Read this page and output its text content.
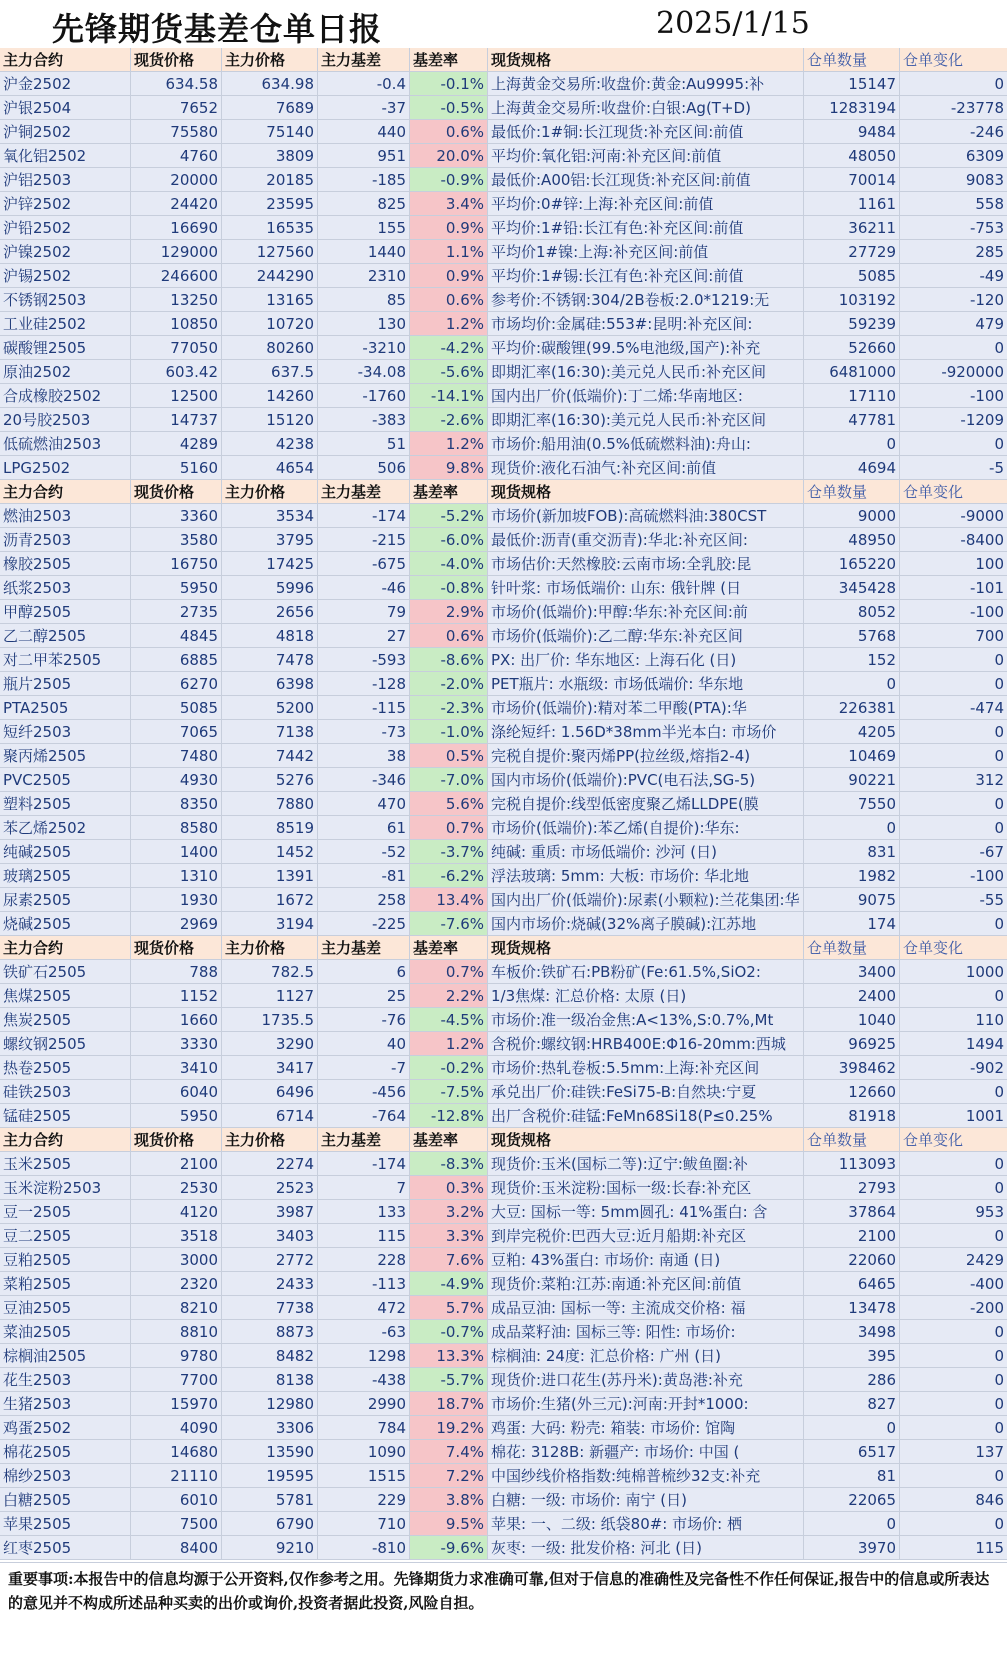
先锋期货基差仓单日报	2025/1/15
主力合约	现货价格	主力价格	主力基差	基差率	现货规格	仓单数量	仓单变化
沪金2502	634.58	634.98	-0.4	-0.1% 上海黄金交易所:收盘价:黄金:Au9995:补	15147	0
沪银2504	7652	7689	-37	-0.5% 上海黄金交易所:收盘价:白银:Ag(T+D)	1283194	-23778
沪铜2502	75580	75140	440	0.6% 最低价:1#铜:长江现货:补充区间:前值	9484	-246
氧化铝2502	4760	3809	951	20.0% 平均价:氧化铝:河南:补充区间:前值	48050	6309
沪铝2503	20000	20185	-185	-0.9% 最低价:A00铝:长江现货:补充区间:前值	70014	9083
沪锌2502	24420	23595	825	3.4% 平均价:0#锌:上海:补充区间:前值	1161	558
沪铅2502	16690	16535	155	0.9% 平均价:1#铅:长江有色:补充区间:前值	36211	-753
沪镍2502	129000	127560	1440	1.1% 平均价1#镍:上海:补充区间:前值	27729	285
沪锡2502	246600	244290	2310	0.9% 平均价:1#锡:长江有色:补充区间:前值	5085	-49
不锈钢2503	13250	13165	85	0.6% 参考价:不锈钢:304/2B卷板:2.0*1219:无	103192	-120
工业硅2502	10850	10720	130	1.2% 市场均价:金属硅:553#:昆明:补充区间:	59239	479
碳酸锂2505	77050	80260	-3210	-4.2% 平均价:碳酸锂(99.5%电池级,国产):补充	52660	0
原油2502	603.42	637.5	-34.08	-5.6% 即期汇率(16:30):美元兑人民币:补充区间	6481000	-920000
合成橡胶2502	12500	14260	-1760	-14.1% 国内出厂价(低端价):丁二烯:华南地区:	17110	-100
20号胶2503	14737	15120	-383	-2.6% 即期汇率(16:30):美元兑人民币:补充区间	47781	-1209
低硫燃油2503	4289	4238	51	1.2% 市场价:船用油(0.5%低硫燃料油):舟山:	0	0
LPG2502	5160	4654	506	9.8% 现货价:液化石油气:补充区间:前值	4694	-5
主力合约	现货价格	主力价格	主力基差	基差率	现货规格	仓单数量	仓单变化
燃油2503	3360	3534	-174	-5.2% 市场价(新加坡FOB):高硫燃料油:380CST	9000	-9000
沥青2503	3580	3795	-215	-6.0% 最低价:沥青(重交沥青):华北:补充区间:	48950	-8400
橡胶2505	16750	17425	-675	-4.0% 市场估价:天然橡胶:云南市场:全乳胶:昆	165220	100
纸浆2503	5950	5996	-46	-0.8% 针叶浆: 市场低端价: 山东: 俄针牌 (日	345428	-101
甲醇2505	2735	2656	79	2.9% 市场价(低端价):甲醇:华东:补充区间:前	8052	-100
乙二醇2505	4845	4818	27	0.6% 市场价(低端价):乙二醇:华东:补充区间	5768	700
对二甲苯2505	6885	7478	-593	-8.6% PX: 出厂价: 华东地区: 上海石化 (日)	152	0
瓶片2505	6270	6398	-128	-2.0% PET瓶片: 水瓶级: 市场低端价: 华东地	0	0
PTA2505	5085	5200	-115	-2.3% 市场价(低端价):精对苯二甲酸(PTA):华	226381	-474
短纤2503	7065	7138	-73	-1.0% 涤纶短纤: 1.56D*38mm半光本白: 市场价	4205	0
聚丙烯2505	7480	7442	38	0.5% 完税自提价:聚丙烯PP(拉丝级,熔指2-4)	10469	0
PVC2505	4930	5276	-346	-7.0% 国内市场价(低端价):PVC(电石法,SG-5)	90221	312
塑料2505	8350	7880	470	5.6% 完税自提价:线型低密度聚乙烯LLDPE(膜	7550	0
苯乙烯2502	8580	8519	61	0.7% 市场价(低端价):苯乙烯(自提价):华东:	0	0
纯碱2505	1400	1452	-52	-3.7% 纯碱: 重质: 市场低端价: 沙河 (日)	831	-67
玻璃2505	1310	1391	-81	-6.2% 浮法玻璃: 5mm: 大板: 市场价: 华北地	1982	-100
尿素2505	1930	1672	258	13.4% 国内出厂价(低端价):尿素(小颗粒):兰花集团:华	9075	-55
烧碱2505	2969	3194	-225	-7.6% 国内市场价:烧碱(32%离子膜碱):江苏地	174	0
主力合约	现货价格	主力价格	主力基差	基差率	现货规格	仓单数量	仓单变化
铁矿石2505	788	782.5	6	0.7% 车板价:铁矿石:PB粉矿(Fe:61.5%,SiO2:	3400	1000
焦煤2505	1152	1127	25	2.2% 1/3焦煤: 汇总价格: 太原 (日)	2400	0
焦炭2505	1660	1735.5	-76	-4.5% 市场价:准一级冶金焦:A<13%,S:0.7%,Mt	1040	110
螺纹钢2505	3330	3290	40	1.2% 含税价:螺纹钢:HRB400E:Φ16-20mm:西城	96925	1494
热卷2505	3410	3417	-7	-0.2% 市场价:热轧卷板:5.5mm:上海:补充区间	398462	-902
硅铁2503	6040	6496	-456	-7.5% 承兑出厂价:硅铁:FeSi75-B:自然块:宁夏	12660	0
锰硅2505	5950	6714	-764	-12.8% 出厂含税价:硅锰:FeMn68Si18(P≤0.25%	81918	1001
主力合约	现货价格	主力价格	主力基差	基差率	现货规格	仓单数量	仓单变化
玉米2505	2100	2274	-174	-8.3% 现货价:玉米(国标二等):辽宁:鲅鱼圈:补	113093	0
玉米淀粉2503	2530	2523	7	0.3% 现货价:玉米淀粉:国标一级:长春:补充区	2793	0
豆一2505	4120	3987	133	3.2% 大豆: 国标一等: 5mm圆孔: 41%蛋白: 含	37864	953
豆二2505	3518	3403	115	3.3% 到岸完税价:巴西大豆:近月船期:补充区	2100	0
豆粕2505	3000	2772	228	7.6% 豆粕: 43%蛋白: 市场价: 南通 (日)	22060	2429
菜粕2505	2320	2433	-113	-4.9% 现货价:菜粕:江苏:南通:补充区间:前值	6465	-400
豆油2505	8210	7738	472	5.7% 成品豆油: 国标一等: 主流成交价格: 福	13478	-200
菜油2505	8810	8873	-63	-0.7% 成品菜籽油: 国标三等: 阳性: 市场价:	3498	0
棕榈油2505	9780	8482	1298	13.3% 棕榈油: 24度: 汇总价格: 广州 (日)	395	0
花生2503	7700	8138	-438	-5.7% 现货价:进口花生(苏丹米):黄岛港:补充	286	0
生猪2503	15970	12980	2990	18.7% 市场价:生猪(外三元):河南:开封*1000:	827	0
鸡蛋2502	4090	3306	784	19.2% 鸡蛋: 大码: 粉壳: 箱装: 市场价: 馆陶	0	0
棉花2505	14680	13590	1090	7.4% 棉花: 3128B: 新疆产: 市场价: 中国 (	6517	137
棉纱2503	21110	19595	1515	7.2% 中国纱线价格指数:纯棉普梳纱32支:补充	81	0
白糖2505	6010	5781	229	3.8% 白糖: 一级: 市场价: 南宁 (日)	22065	846
苹果2505	7500	6790	710	9.5% 苹果: 一、二级: 纸袋80#: 市场价: 栖	0	0
红枣2505	8400	9210	-810	-9.6% 灰枣: 一级: 批发价格: 河北 (日)	3970	115

重要事项:本报告中的信息均源于公开资料,仅作参考之用。先锋期货力求准确可靠,但对于信息的准确性及完备性不作任何保证,报告中的信息或所表达的意见并不构成所述品种买卖的出价或询价,投资者据此投资,风险自担。
